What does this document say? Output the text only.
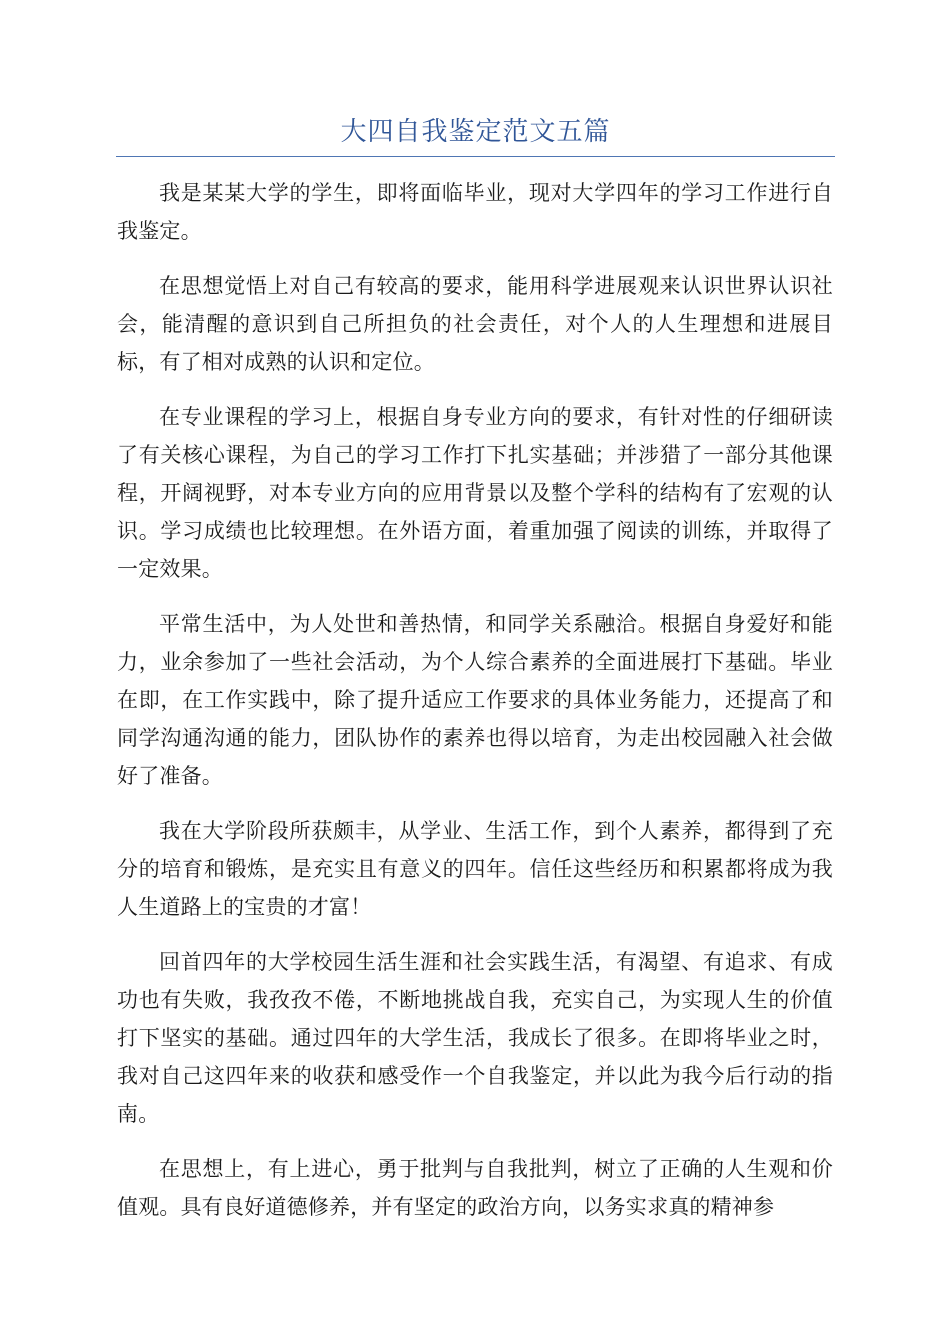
大四自我鉴定范文五篇

我是某某大学的学生，即将面临毕业，现对大学四年的学习工作进行自我鉴定。

在思想觉悟上对自己有较高的要求，能用科学进展观来认识世界认识社会，能清醒的意识到自己所担负的社会责任，对个人的人生理想和进展目标，有了相对成熟的认识和定位。

在专业课程的学习上，根据自身专业方向的要求，有针对性的仔细研读了有关核心课程，为自己的学习工作打下扎实基础；并涉猎了一部分其他课程，开阔视野，对本专业方向的应用背景以及整个学科的结构有了宏观的认识。学习成绩也比较理想。在外语方面，着重加强了阅读的训练，并取得了一定效果。

平常生活中，为人处世和善热情，和同学关系融洽。根据自身爱好和能力，业余参加了一些社会活动，为个人综合素养的全面进展打下基础。毕业在即，在工作实践中，除了提升适应工作要求的具体业务能力，还提高了和同学沟通沟通的能力，团队协作的素养也得以培育，为走出校园融入社会做好了准备。

我在大学阶段所获颇丰，从学业、生活工作，到个人素养，都得到了充分的培育和锻炼，是充实且有意义的四年。信任这些经历和积累都将成为我人生道路上的宝贵的才富！

回首四年的大学校园生活生涯和社会实践生活，有渴望、有追求、有成功也有失败，我孜孜不倦，不断地挑战自我，充实自己，为实现人生的价值打下坚实的基础。通过四年的大学生活，我成长了很多。在即将毕业之时，我对自己这四年来的收获和感受作一个自我鉴定，并以此为我今后行动的指南。

在思想上，有上进心，勇于批判与自我批判，树立了正确的人生观和价值观。具有良好道德修养，并有坚定的政治方向，以务实求真的精神参
